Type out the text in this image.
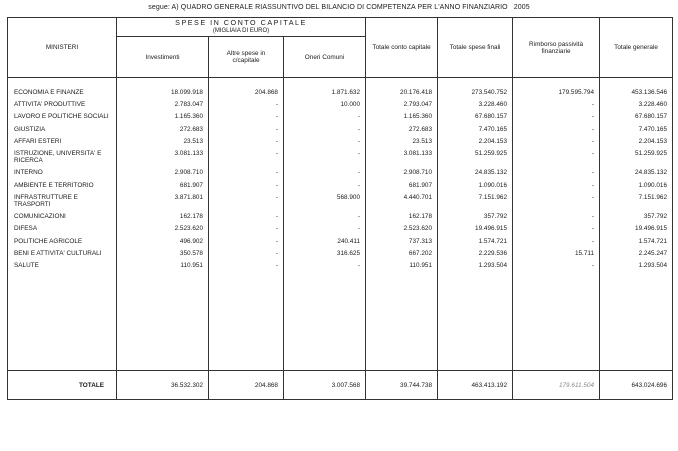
segue: A) QUADRO GENERALE RIASSUNTIVO DEL BILANCIO DI COMPETENZA PER L'ANNO FINANZIARIO 2005
MINISTERI	SPESE IN CONTO CAPITALE
(MIGLIAIA DI EURO)			Totale conto capitale	Totale spese finali	Rimborso passività finanziarie	Totale generale
	Investimenti	Altre spese in c/capitale	Oneri Comuni				

ECONOMIA E FINANZE	18.099.918	204.868	1.871.632	20.176.418	273.540.752	179.595.794	453.136.546
ATTIVITA' PRODUTTIVE	2.783.047	-	10.000	2.793.047	3.228.460	-	3.228.460
LAVORO E POLITICHE SOCIALI	1.165.360	-	-	1.165.360	67.680.157	-	67.680.157
GIUSTIZIA	272.683	-	-	272.683	7.470.165	-	7.470.165
AFFARI ESTERI	23.513	-	-	23.513	2.204.153	-	2.204.153
ISTRUZIONE, UNIVERSITA' E RICERCA	3.081.133	-	-	3.081.133	51.259.925	-	51.259.925
INTERNO	2.908.710	-	-	2.908.710	24.835.132	-	24.835.132
AMBIENTE E TERRITORIO	681.907	-	-	681.907	1.090.016	-	1.090.016
INFRASTRUTTURE E TRASPORTI	3.871.801	-	568.900	4.440.701	7.151.962	-	7.151.962
COMUNICAZIONI	162.178	-	-	162.178	357.792	-	357.792
DIFESA	2.523.620	-	-	2.523.620	19.496.915	-	19.496.915
POLITICHE AGRICOLE	496.902	-	240.411	737.313	1.574.721	-	1.574.721
BENI E ATTIVITA' CULTURALI	350.578	-	316.625	667.202	2.229.536	15.711	2.245.247
SALUTE	110.951	-	-	110.951	1.293.504	-	1.293.504

TOTALE	36.532.302	204.868	3.007.568	39.744.738	463.413.192	179.611.504	643.024.696
